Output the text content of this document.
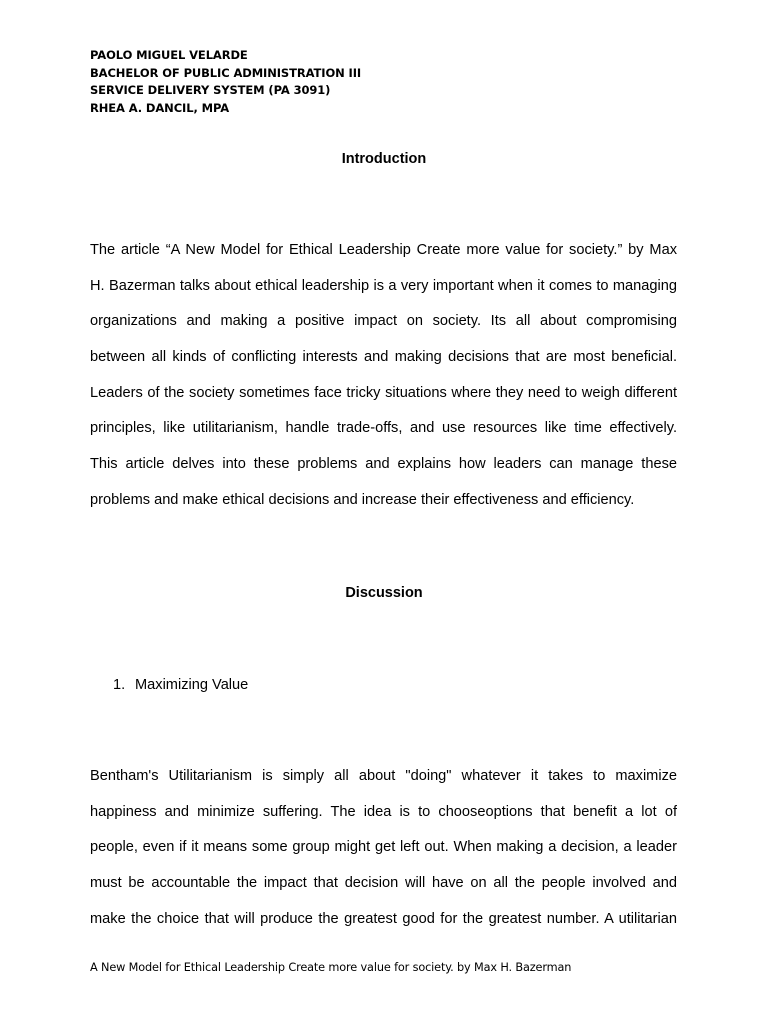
PAOLO MIGUEL VELARDE
BACHELOR OF PUBLIC ADMINISTRATION III
SERVICE DELIVERY SYSTEM (PA 3091)
RHEA A. DANCIL, MPA
Introduction
The article “A New Model for Ethical Leadership Create more value for society.” by Max
H. Bazerman talks about ethical leadership is a very important when it comes to managing
organizations and making a positive impact on society. Its all about compromising
between all kinds of conflicting interests and making decisions that are most beneficial.
Leaders of the society sometimes face tricky situations where they need to weigh different
principles, like utilitarianism, handle trade-offs, and use resources like time effectively.
This article delves into these problems and explains how leaders can manage these
problems and make ethical decisions and increase their effectiveness and efficiency.
Discussion
1. Maximizing Value
Bentham's Utilitarianism is simply all about "doing" whatever it takes to maximize
happiness and minimize suffering. The idea is to chooseoptions that benefit a lot of
people, even if it means some group might get left out. When making a decision, a leader
must be accountable the impact that decision will have on all the people involved and
make the choice that will produce the greatest good for the greatest number. A utilitarian
A New Model for Ethical Leadership Create more value for society. by Max H. Bazerman
